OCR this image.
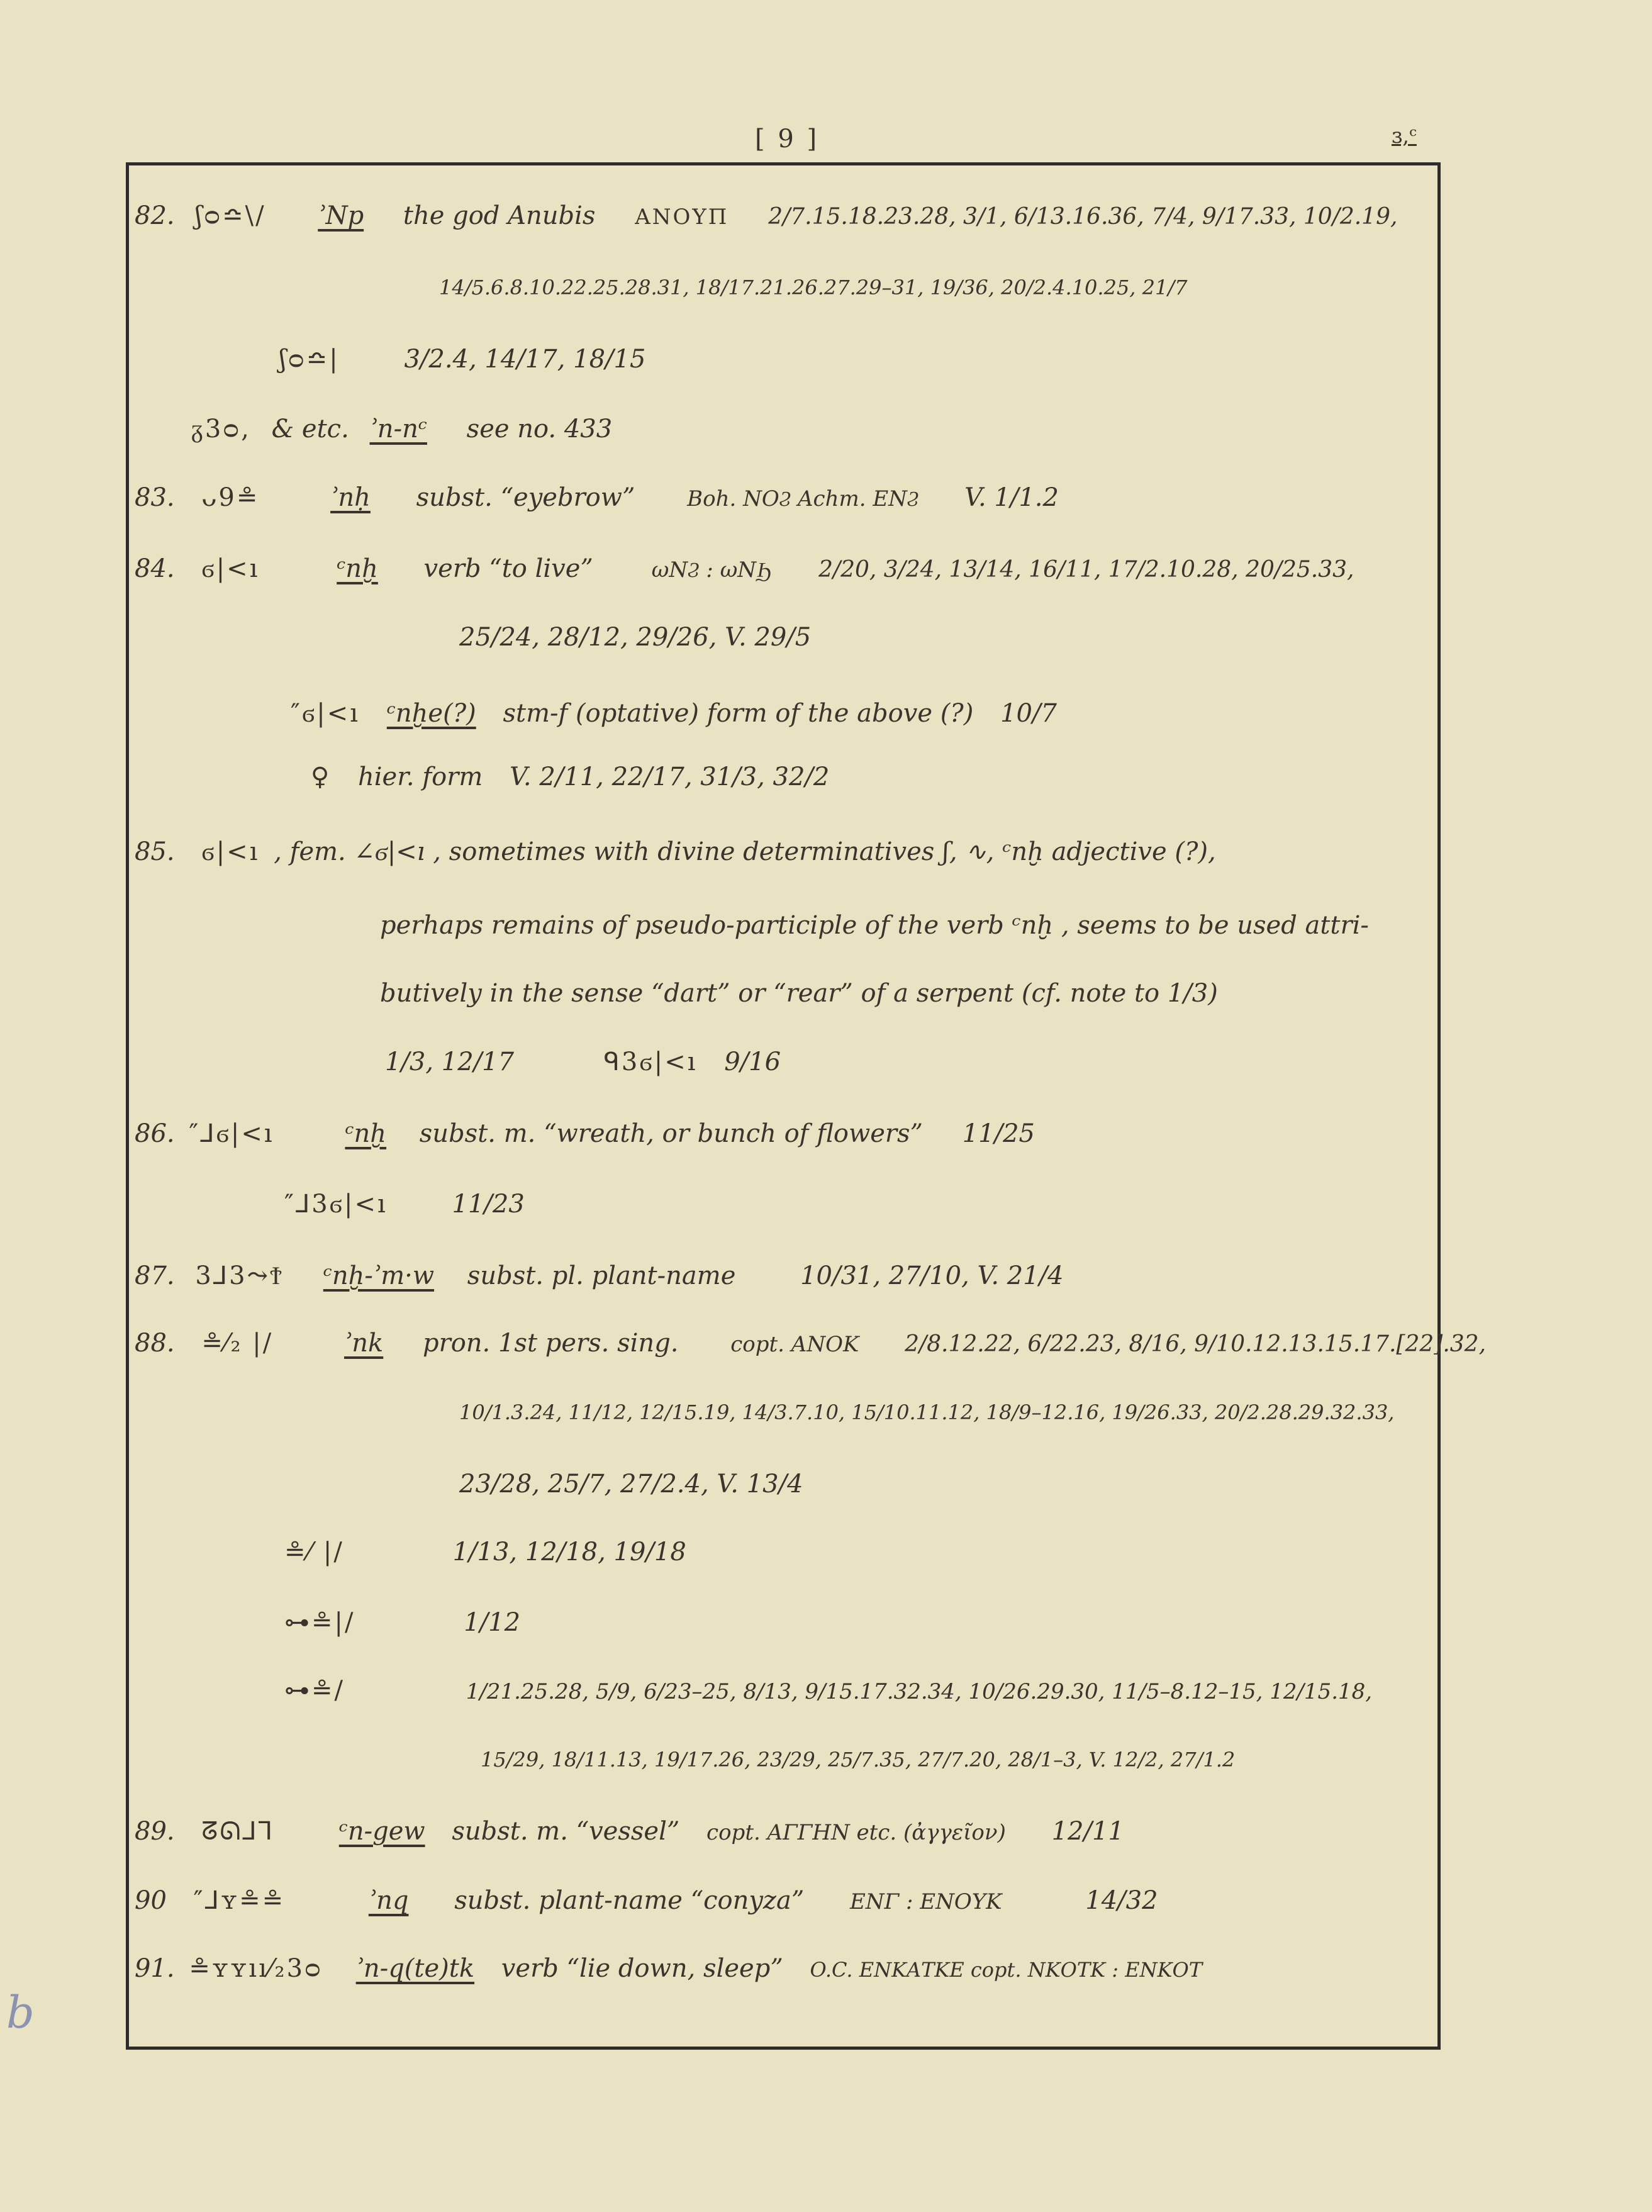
[ 9 ]	ɜ,ᶜ
b
82. ʃᴑ≏\/ ʾNp the god Anubis ΑΝΟΥΠ 2/7.15.18.23.28, 3/1, 6/13.16.36, 7/4, 9/17.33, 10/2.19,
14/5.6.8.10.22.25.28.31, 18/17.21.26.27.29–31, 19/36, 20/2.4.10.25, 21/7
ʃᴑ≏|	3/2.4, 14/17, 18/15
ᵹ3ᴑ, & etc. ʾn-nᶜ see no. 433
83. ᴗ9≗	ʾnḥ subst. “eyebrow” Boh. ΝΟϨ Achm. ΕΝϨ V. 1/1.2
84. ϭ|<ı	ᶜnḫ verb “to live”	ωΝϨ : ωΝϦ 2/20, 3/24, 13/14, 16/11, 17/2.10.28, 20/25.33,
25/24, 28/12, 29/26, V. 29/5
″ϭ|<ı ᶜnḫe(?) stm-f (optative) form of the above (?) 10/7
♀ hier. form V. 2/11, 22/17, 31/3, 32/2
85. ϭ|<ı , fem. ∠ϭ|<ı , sometimes with divine determinatives ʃ, ∿, ᶜnḫ adjective (?),
perhaps remains of pseudo-participle of the verb ᶜnḫ , seems to be used attri-
butively in the sense “dart” or “rear” of a serpent (cf. note to 1/3)
1/3, 12/17	ᑫ3ϭ|<ı 9/16
86. ″⅃ϭ|<ı	ᶜnḫ subst. m. “wreath, or bunch of flowers” 11/25
″⅃3ϭ|<ı	11/23
87. 3⅃3⤳Ϯ ᶜnḫ-ʾm·w subst. pl. plant-name	10/31, 27/10, V. 21/4
88. ≗⁄₂ |/	ʾnk pron. 1st pers. sing. copt. ΑΝΟΚ 2/8.12.22, 6/22.23, 8/16, 9/10.12.13.15.17.[22].32,
10/1.3.24, 11/12, 12/15.19, 14/3.7.10, 15/10.11.12, 18/9–12.16, 19/26.33, 20/2.28.29.32.33,
23/28, 25/7, 27/2.4, V. 13/4
≗⁄ |/	1/13, 12/18, 19/18
⊶≗|/	1/12
⊶≗/	1/21.25.28, 5/9, 6/23–25, 8/13, 9/15.17.32.34, 10/26.29.30, 11/5–8.12–15, 12/15.18,
15/29, 18/11.13, 19/17.26, 23/29, 25/7.35, 27/7.20, 28/1–3, V. 12/2, 27/1.2
89. ᘔᘏ⅃⅂	ᶜn-gew subst. m. “vessel” copt. ΑΓΓΗΝ etc. (ἀγγεῖον) 12/11
90 ″⅃ʏ≗≗	ʾnq subst. plant-name “conyza” ΕΝΓ : ΕΝΟΥΚ	14/32
91. ≗ʏʏıı⁄₂3ᴑ ʾn-q(te)tk verb “lie down, sleep” O.C. ΕΝΚΑΤΚΕ copt. ΝΚΟΤΚ : ΕΝΚΟΤ
